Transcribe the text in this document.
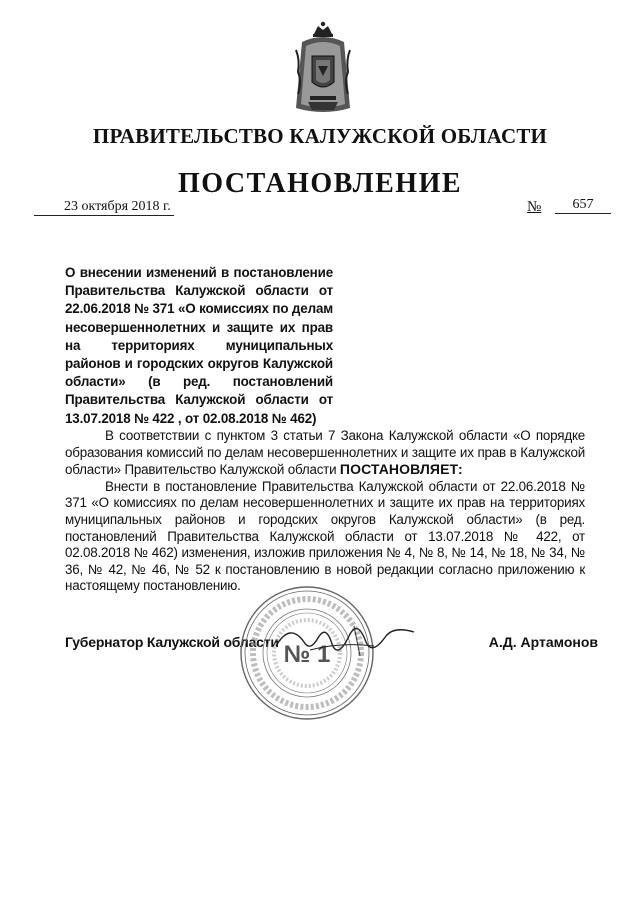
ПРАВИТЕЛЬСТВО КАЛУЖСКОЙ ОБЛАСТИ
ПОСТАНОВЛЕНИЕ
23 октября 2018 г.	№	657

О внесении изменений в постановление Правительства Калужской области от 22.06.2018 № 371 «О комиссиях по делам несовершеннолетних и защите их прав на территориях муниципальных районов и городских округов Калужской области» (в ред. постановлений Правительства Калужской области от 13.07.2018 № 422 , от 02.08.2018 № 462)

В соответствии с пунктом 3 статьи 7 Закона Калужской области «О порядке образования комиссий по делам несовершеннолетних и защите их прав в Калужской области» Правительство Калужской области ПОСТАНОВЛЯЕТ:

Внести в постановление Правительства Калужской области от 22.06.2018 № 371 «О комиссиях по делам несовершеннолетних и защите их прав на территориях муниципальных районов и городских округов Калужской области» (в ред. постановлений Правительства Калужской области от 13.07.2018 № 422, от 02.08.2018 № 462) изменения, изложив приложения № 4, № 8, № 14, № 18, № 34, № 36, № 42, № 46, № 52 к постановлению в новой редакции согласно приложению к настоящему постановлению.

Губернатор Калужской области № 1	А.Д. Артамонов
